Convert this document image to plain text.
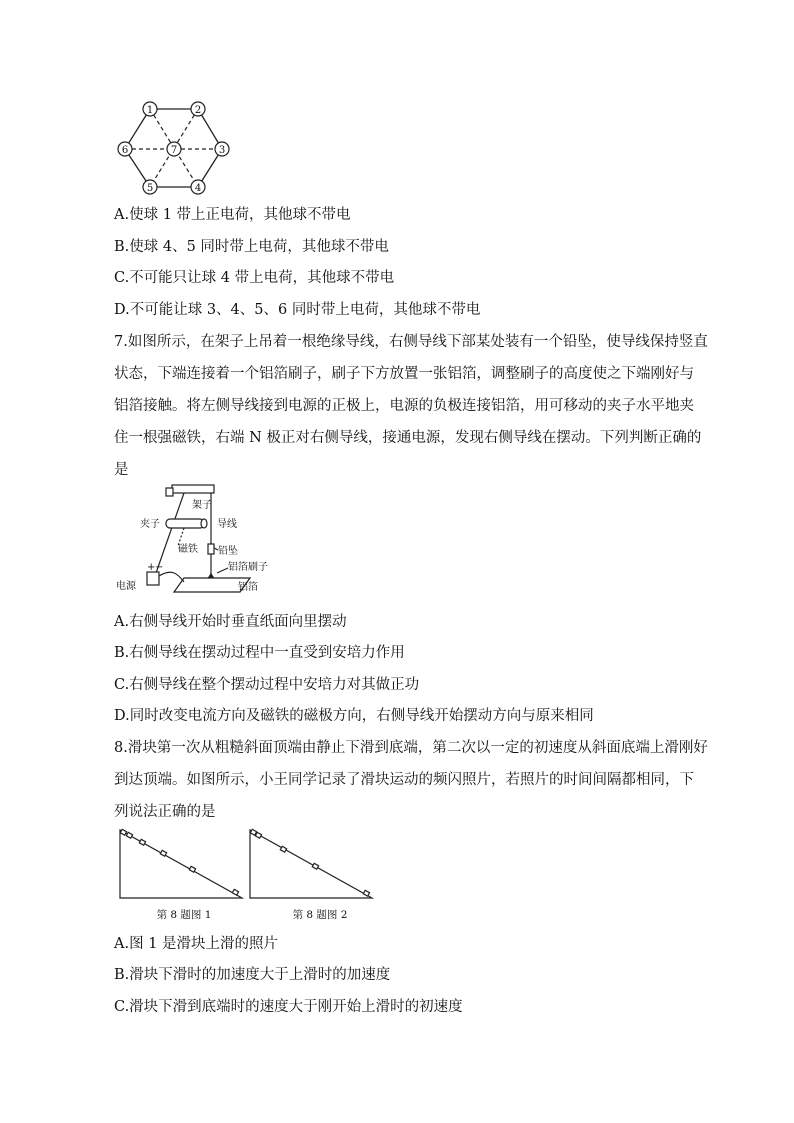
1	2
3
4
5
6	7
A.使球 1 带上正电荷，其他球不带电
B.使球 4、5 同时带上电荷，其他球不带电
C.不可能只让球 4 带上电荷，其他球不带电
D.不可能让球 3、4、5、6 同时带上电荷，其他球不带电
7.如图所示，在架子上吊着一根绝缘导线，右侧导线下部某处装有一个铅坠，使导线保持竖直
状态，下端连接着一个铝箔刷子，刷子下方放置一张铝箔，调整刷子的高度使之下端刚好与
铝箔接触。将左侧导线接到电源的正极上，电源的负极连接铝箔，用可移动的夹子水平地夹
住一根强磁铁，右端 N 极正对右侧导线，接通电源，发现右侧导线在摆动。下列判断正确的
是
架子
夹子	导线
磁铁 铅坠
铝箔刷子
电源	铝箔
+ −
A.右侧导线开始时垂直纸面向里摆动
B.右侧导线在摆动过程中一直受到安培力作用
C.右侧导线在整个摆动过程中安培力对其做正功
D.同时改变电流方向及磁铁的磁极方向，右侧导线开始摆动方向与原来相同
8.滑块第一次从粗糙斜面顶端由静止下滑到底端，第二次以一定的初速度从斜面底端上滑刚好
到达顶端。如图所示，小王同学记录了滑块运动的频闪照片，若照片的时间间隔都相同，下
列说法正确的是
第 8 题图 1	第 8 题图 2
A.图 1 是滑块上滑的照片
B.滑块下滑时的加速度大于上滑时的加速度
C.滑块下滑到底端时的速度大于刚开始上滑时的初速度
